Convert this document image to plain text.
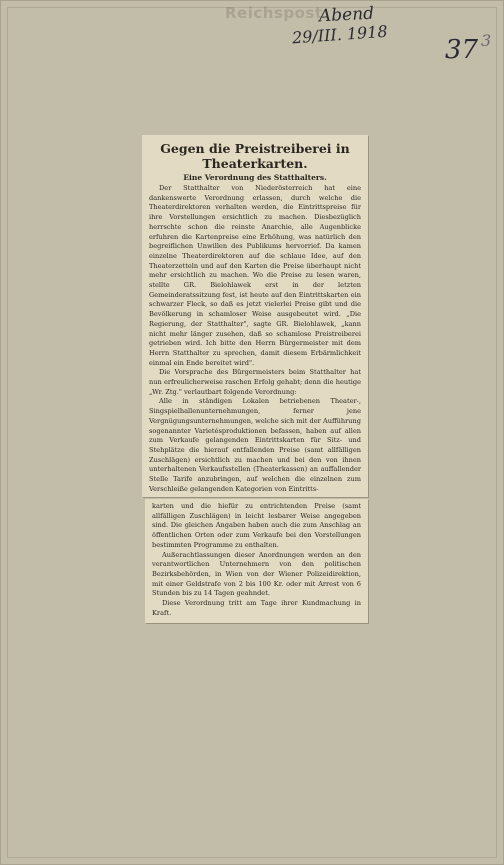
Reichspost
Abend
29/III. 1918
37 3
Gegen die Preistreiberei in
Theaterkarten.
Eine Verordnung des Statthalters.

Der Statthalter von Niederösterreich hat eine dankenswerte Verordnung erlassen, durch welche die Theaterdirektoren verhalten werden, die Eintrittspreise für ihre Vorstellungen ersichtlich zu machen. Diesbezüglich herrschte schon die reinste Anarchie, alle Augenblicke erfuhren die Kartenpreise eine Erhöhung, was natürlich den begreiflichen Unwillen des Publikums hervorrief. Da kamen einzelne Theaterdirektoren auf die schlaue Idee, auf den Theaterzetteln und auf den Karten die Preise überhaupt nicht mehr ersichtlich zu machen. Wo die Preise zu lesen waren, stellte GR. Bielohlawek erst in der letzten Gemeinderatssitzung fest, ist heute auf den Eintrittskarten ein schwarzer Fleck, so daß es jetzt vielerlei Preise gibt und die Bevölkerung in schamloser Weise ausgebeutet wird. „Die Regierung, der Statthalter", sagte GR. Bielohlawek, „kann nicht mehr länger zusehen, daß so schamlose Preistreiberei getrieben wird. Ich bitte den Herrn Bürgermeister mit dem Herrn Statthalter zu sprechen, damit diesem Erbärmlichkeit einmal ein Ende bereitet wird".

Die Vorsprache des Bürgermeisters beim Statthalter hat nun erfreulicherweise raschen Erfolg gehabt; denn die heutige „Wr. Ztg." verlautbart folgende Verordnung:

Alle in ständigen Lokalen betriebenen Theater-, Singspielhallenunternehmungen, ferner jene Vergnügungsunternehmungen, welche sich mit der Aufführung sogenannter Varietésproduktionen befassen, haben auf allen zum Verkaufe gelangenden Eintrittskarten für Sitz- und Stehplätze die hierauf entfallenden Preise (samt allfälligen Zuschlägen) ersichtlich zu machen und bei den von ihnen unterhaltenen Verkaufsstellen (Theaterkassen) an auffallender Stelle Tarife anzubringen, auf welchen die einzelnen zum Verschleiße gelangenden Kategorien von Eintritts-

karten und die hiefür zu entrichtenden Preise (samt allfälligen Zuschlägen) in leicht lesbarer Weise angegeben sind. Die gleichen Angaben haben auch die zum Anschlag an öffentlichen Orten oder zum Verkaufe bei den Vorstellungen bestimmten Programme zu enthalten.

Außerachtlassungen dieser Anordnungen werden an den verantwortlichen Unternehmern von den politischen Bezirksbehörden, in Wien von der Wiener Polizeidirektion, mit einer Geldstrafe von 2 bis 100 Kr. oder mit Arrest von 6 Stunden bis zu 14 Tagen geahndet.

Diese Verordnung tritt am Tage ihrer Kundmachung in Kraft.
